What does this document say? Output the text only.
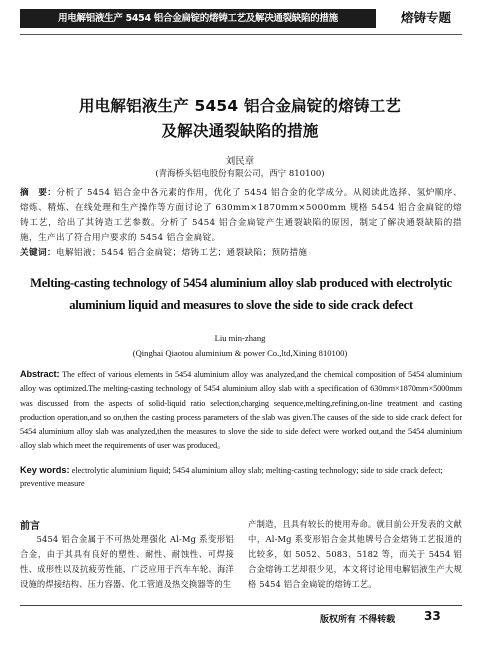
用电解铝液生产 5454 铝合金扁锭的熔铸工艺及解决通裂缺陷的措施	熔铸专题
用电解铝液生产 5454 铝合金扁锭的熔铸工艺
及解决通裂缺陷的措施
刘民章
(青海桥头铝电股份有限公司，西宁 810100)
摘　要：分析了 5454 铝合金中各元素的作用，优化了 5454 铝合金的化学成分。从阅读此选择、氢炉顺序、熔炼、精炼、在线处理和生产操作等方面讨论了 630mm×1870mm×5000mm 规格 5454 铝合金扁锭的熔铸工艺，给出了其铸造工艺参数。分析了 5454 铝合金扁锭产生通裂缺陷的原因，制定了解决通裂缺陷的措施，生产出了符合用户要求的 5454 铝合金扁锭。
关键词：电解铝液；5454 铝合金扁锭；熔铸工艺；通裂缺陷；预防措施
Melting-casting technology of 5454 aluminium alloy slab produced with electrolytic
aluminium liquid and measures to slove the side to side crack defect
Liu min-zhang
(Qinghai Qiaotou aluminium & power Co.,ltd,Xining 810100)
Abstract: The effect of various elements in 5454 aluminium alloy was analyzed,and the chemical composition of 5454 aluminium alloy was optimized.The melting-casting technology of 5454 aluminium alloy slab with a specification of 630mm×1870mm×5000mm was discussed from the aspects of solid-liquid ratio selection,charging sequence,melting,refining,on-line treatment and casting production operation,and so on,then the casting process parameters of the slab was given.The causes of the side to side crack defect for 5454 aluminium alloy slab was analyzed,then the measures to slove the side to side defect were worked out,and the 5454 aluminium alloy slab which meet the requirements of user was produced。
Key words: electrolytic aluminium liquid; 5454 aluminium alloy slab; melting-casting technology; side to side crack defect; preventive measure
前言
5454 铝合金属于不可热处理强化 Al-Mg 系变形铝合金，由于其具有良好的塑性、耐性、耐蚀性、可焊接性、成形性以及抗疲劳性能，广泛应用于汽车车轮、海洋设施的焊接结构、压力容器、化工管道及热交换器等的生
产制造，且具有较长的使用寿命。就目前公开发表的文献中，Al-Mg 系变形铝合金其他牌号合金熔铸工艺报道的比较多，如 5052、5083、5182 等，而关于 5454 铝合金熔铸工艺却很少见，本文将讨论用电解铝液生产大规格 5454 铝合金扁锭的熔铸工艺。
版权所有 不得转载 33
